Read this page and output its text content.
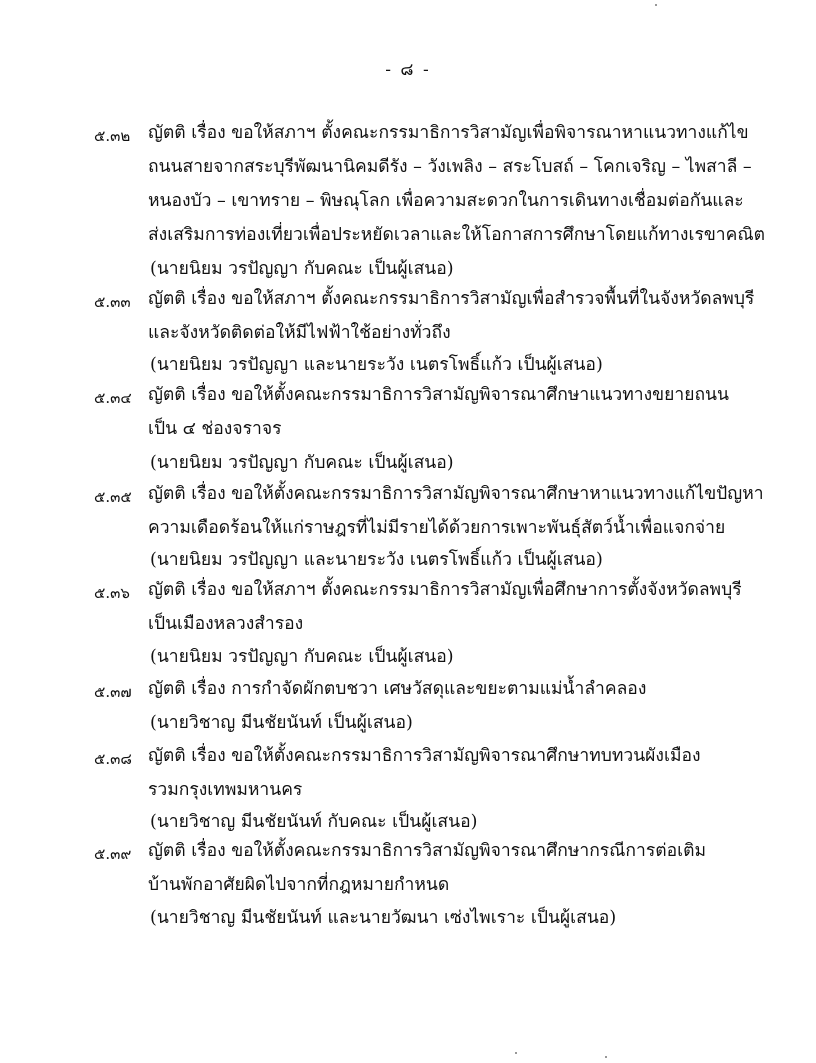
- ๘ -
๕.๓๒ ญัตติ เรื่อง ขอให้สภาฯ ตั้งคณะกรรมาธิการวิสามัญเพื่อพิจารณาหาแนวทางแก้ไข
ถนนสายจากสระบุรีพัฒนานิคมดีรัง – วังเพลิง – สระโบสถ์ – โคกเจริญ – ไพสาลี –
หนองบัว – เขาทราย – พิษณุโลก เพื่อความสะดวกในการเดินทางเชื่อมต่อกันและ
ส่งเสริมการท่องเที่ยวเพื่อประหยัดเวลาและให้โอกาสการศึกษาโดยแก้ทางเรขาคณิต
(นายนิยม วรปัญญา กับคณะ เป็นผู้เสนอ)
๕.๓๓ ญัตติ เรื่อง ขอให้สภาฯ ตั้งคณะกรรมาธิการวิสามัญเพื่อสำรวจพื้นที่ในจังหวัดลพบุรี
และจังหวัดติดต่อให้มีไฟฟ้าใช้อย่างทั่วถึง
(นายนิยม วรปัญญา และนายระวัง เนตรโพธิ์แก้ว เป็นผู้เสนอ)
๕.๓๔ ญัตติ เรื่อง ขอให้ตั้งคณะกรรมาธิการวิสามัญพิจารณาศึกษาแนวทางขยายถนน
เป็น ๔ ช่องจราจร
(นายนิยม วรปัญญา กับคณะ เป็นผู้เสนอ)
๕.๓๕ ญัตติ เรื่อง ขอให้ตั้งคณะกรรมาธิการวิสามัญพิจารณาศึกษาหาแนวทางแก้ไขปัญหา
ความเดือดร้อนให้แก่ราษฎรที่ไม่มีรายได้ด้วยการเพาะพันธุ์สัตว์น้ำเพื่อแจกจ่าย
(นายนิยม วรปัญญา และนายระวัง เนตรโพธิ์แก้ว เป็นผู้เสนอ)
๕.๓๖ ญัตติ เรื่อง ขอให้สภาฯ ตั้งคณะกรรมาธิการวิสามัญเพื่อศึกษาการตั้งจังหวัดลพบุรี
เป็นเมืองหลวงสำรอง
(นายนิยม วรปัญญา กับคณะ เป็นผู้เสนอ)
๕.๓๗ ญัตติ เรื่อง การกำจัดผักตบชวา เศษวัสดุและขยะตามแม่น้ำลำคลอง
(นายวิชาญ มีนชัยนันท์ เป็นผู้เสนอ)
๕.๓๘ ญัตติ เรื่อง ขอให้ตั้งคณะกรรมาธิการวิสามัญพิจารณาศึกษาทบทวนผังเมือง
รวมกรุงเทพมหานคร
(นายวิชาญ มีนชัยนันท์ กับคณะ เป็นผู้เสนอ)
๕.๓๙ ญัตติ เรื่อง ขอให้ตั้งคณะกรรมาธิการวิสามัญพิจารณาศึกษากรณีการต่อเติม
บ้านพักอาศัยผิดไปจากที่กฎหมายกำหนด
(นายวิชาญ มีนชัยนันท์ และนายวัฒนา เซ่งไพเราะ เป็นผู้เสนอ)
